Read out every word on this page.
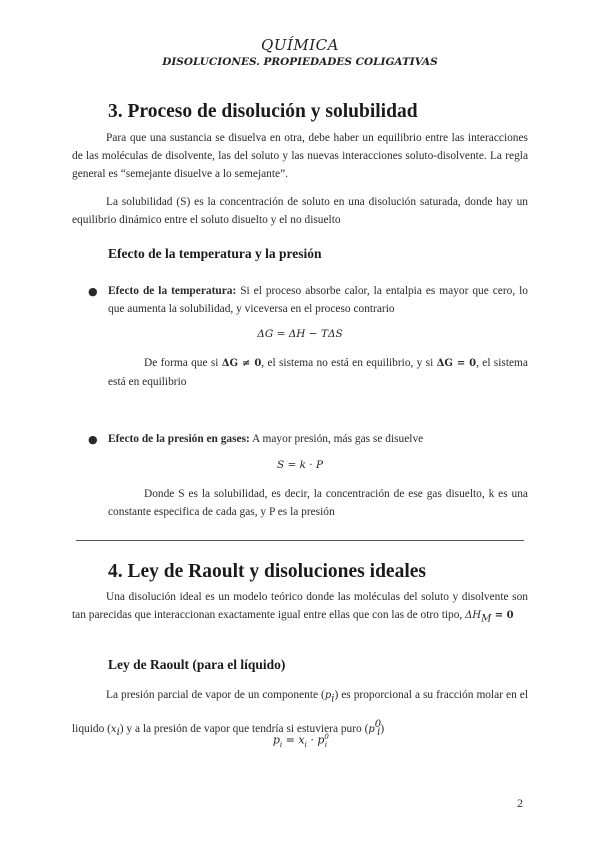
QUÍMICA
DISOLUCIONES. PROPIEDADES COLIGATIVAS
3. Proceso de disolución y solubilidad
Para que una sustancia se disuelva en otra, debe haber un equilibrio entre las interacciones de las moléculas de disolvente, las del soluto y las nuevas interacciones soluto-disolvente. La regla general es “semejante disuelve a lo semejante”.
La solubilidad (S) es la concentración de soluto en una disolución saturada, donde hay un equilibrio dinámico entre el soluto disuelto y el no disuelto
Efecto de la temperatura y la presión
● Efecto de la temperatura: Si el proceso absorbe calor, la entalpia es mayor que cero, lo que aumenta la solubilidad, y viceversa en el proceso contrario
ΔG = ΔH − TΔS
De forma que si ΔG ≠ 0, el sistema no está en equilibrio, y si ΔG = 0, el sistema está en equilibrio
● Efecto de la presión en gases: A mayor presión, más gas se disuelve
S = k · P
Donde S es la solubilidad, es decir, la concentración de ese gas disuelto, k es una constante especifica de cada gas, y P es la presión
4. Ley de Raoult y disoluciones ideales
Una disolución ideal es un modelo teórico donde las moléculas del soluto y disolvente son tan parecidas que interaccionan exactamente igual entre ellas que con las de otro tipo, $\Delta H_M = 0$
Ley de Raoult (para el líquido)
La presión parcial de vapor de un componente $(p_i)$ es proporcional a su fracción molar en el liquido $(x_i)$ y a la presión de vapor que tendría si estuviera puro $(p^0_i)$
$p_i = x_i \cdot p^0_i$
2
